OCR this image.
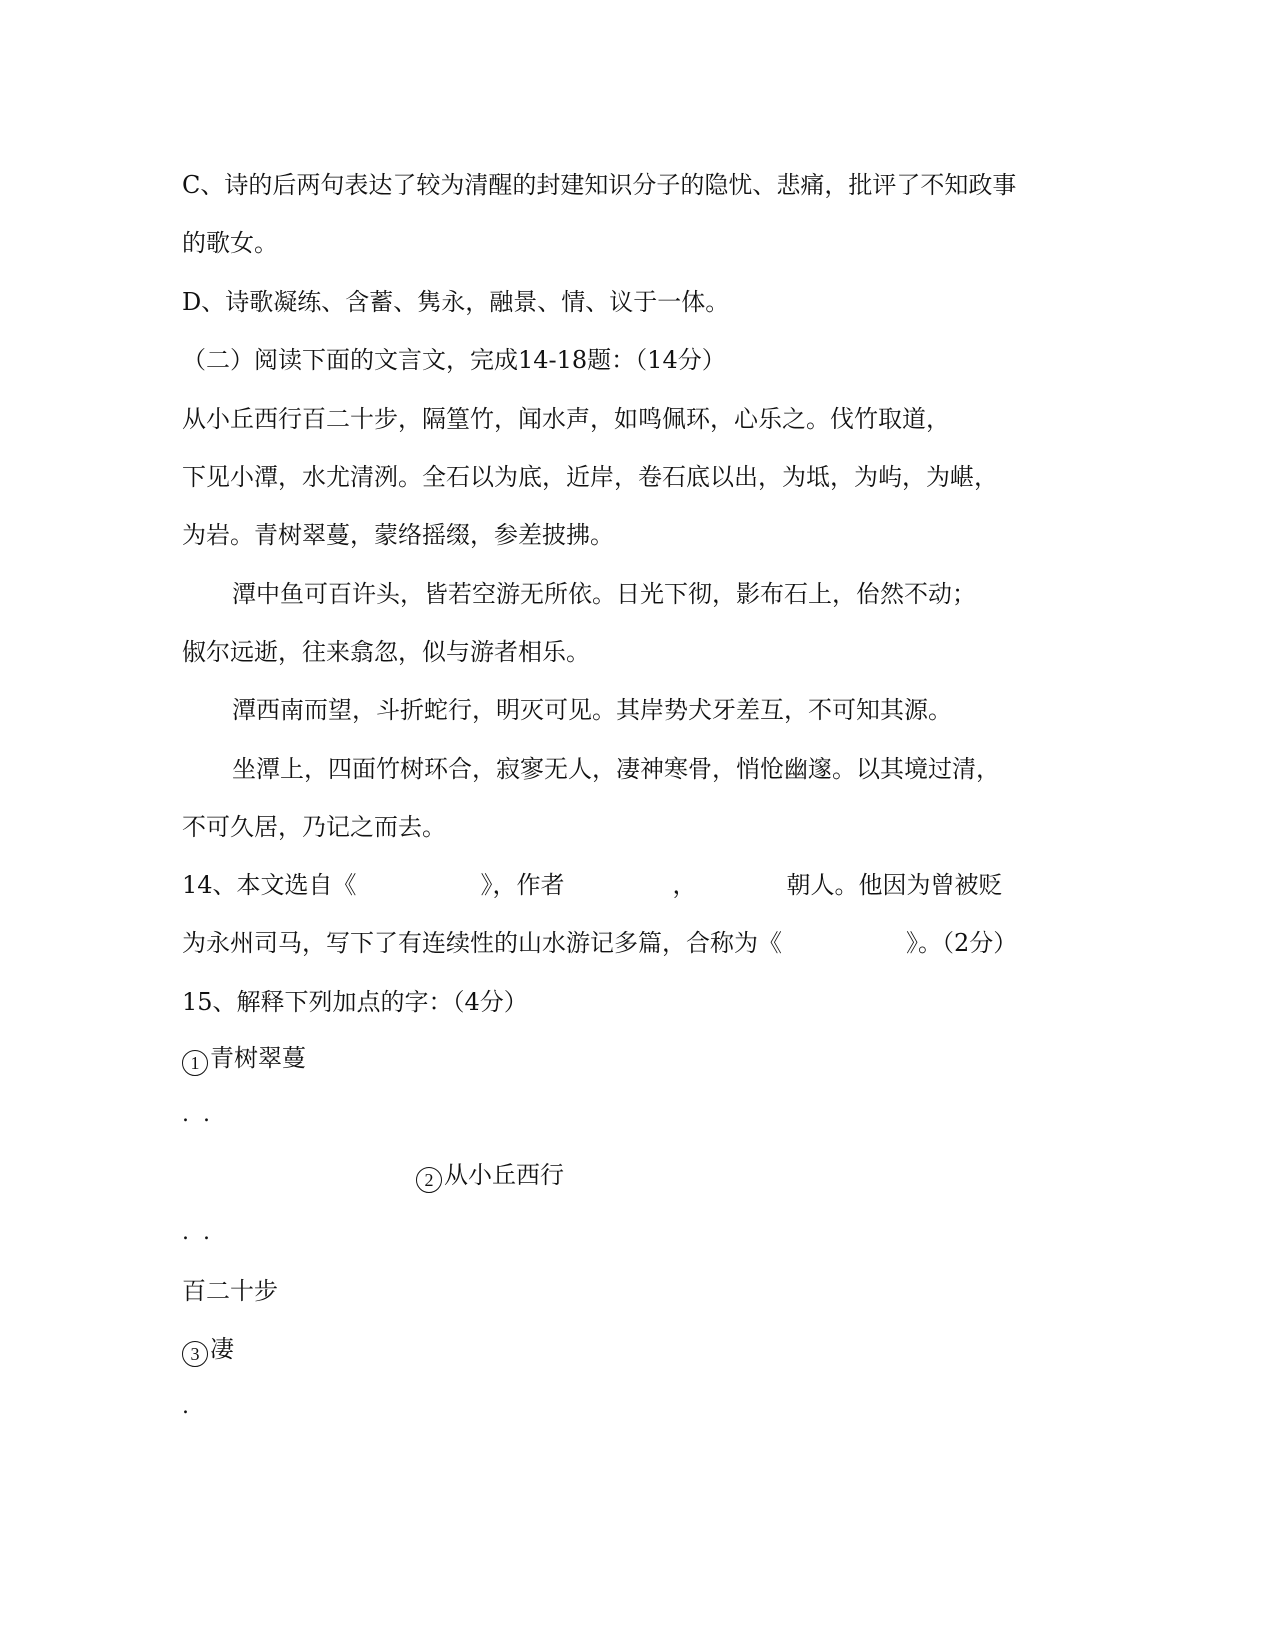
C、诗的后两句表达了较为清醒的封建知识分子的隐忧、悲痛，批评了不知政事

的歌女。

D、诗歌凝练、含蓄、隽永，融景、情、议于一体。

（二）阅读下面的文言文，完成14-18题：（14分）

从小丘西行百二十步，隔篁竹，闻水声，如鸣佩环，心乐之。伐竹取道，

下见小潭，水尤清洌。全石以为底，近岸，卷石底以出，为坻，为屿，为嵁，

为岩。青树翠蔓，蒙络摇缀，参差披拂。

潭中鱼可百许头，皆若空游无所依。日光下彻，影布石上，佁然不动；

俶尔远逝，往来翕忽，似与游者相乐。

潭西南而望，斗折蛇行，明灭可见。其岸势犬牙差互，不可知其源。

坐潭上，四面竹树环合，寂寥无人，凄神寒骨，悄怆幽邃。以其境过清，

不可久居，乃记之而去。

14、本文选自《	》，作者	，	朝人。他因为曾被贬

为永州司马，写下了有连续性的山水游记多篇，合称为《	》。（2分）

15、解释下列加点的字：（4分）

1 青树翠蔓

..

2 从小丘西行

..

百二十步

3 凄

.
